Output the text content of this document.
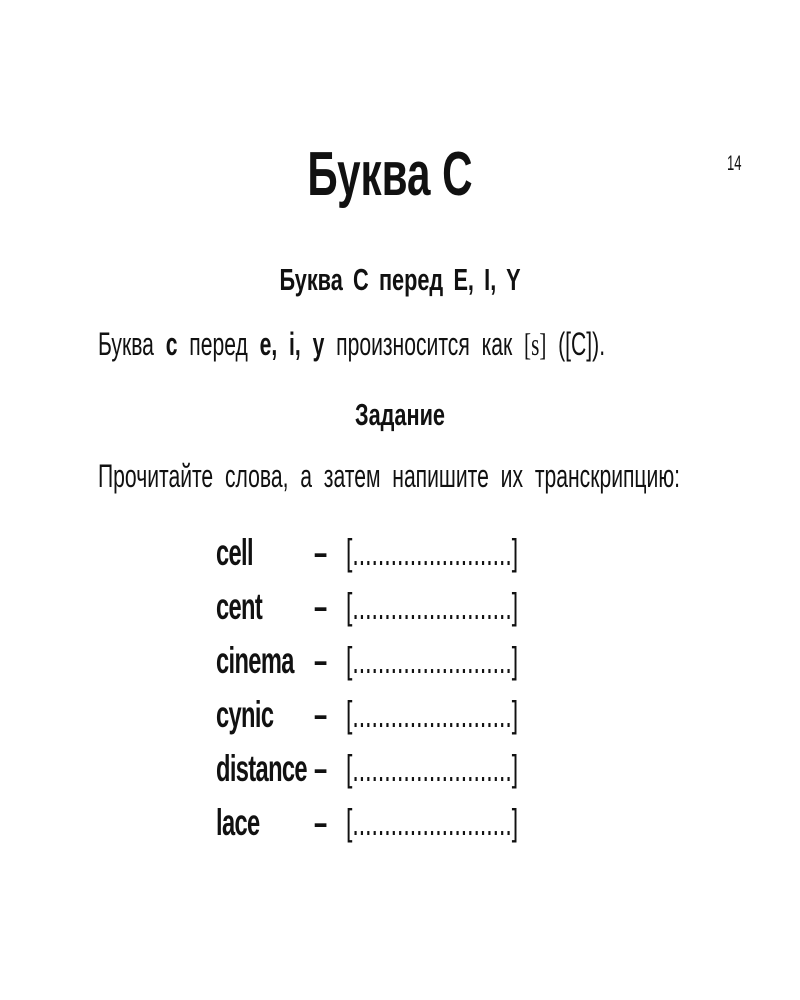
14
Буква C
Буква C перед E, I, Y
Буква c перед e, i, y произносится как [s] ([C]).
Задание
Прочитайте слова, а затем напишите их транскрипцию:
cell – [.........................]
cent – [.........................]
cinema – [.........................]
cynic – [.........................]
distance – [.........................]
lace – [.........................]
